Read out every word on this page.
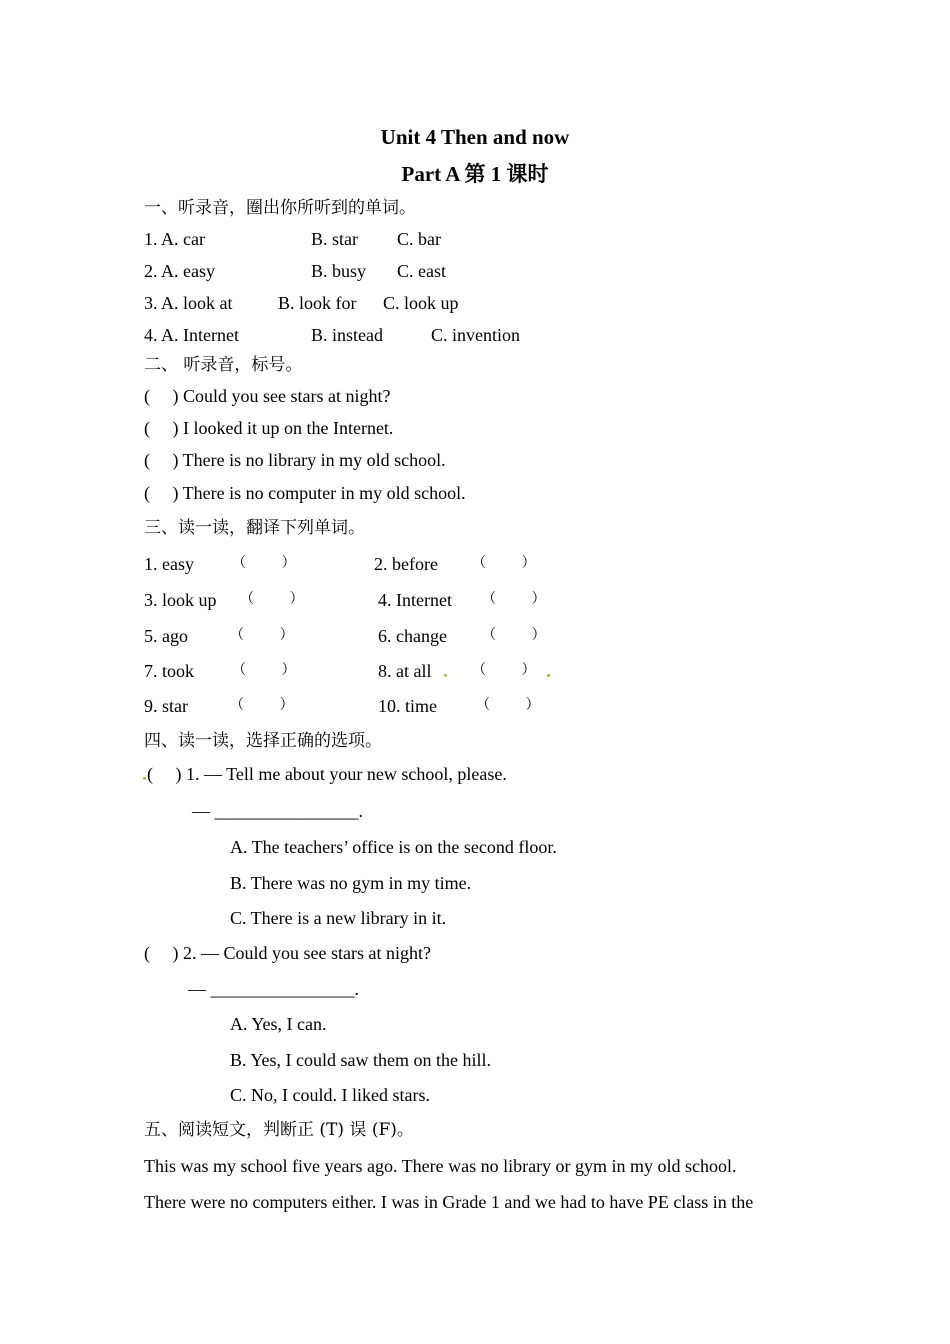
Unit 4 Then and now
Part A 第 1 课时
一、听录音，圈出你所听到的单词。
1. A. car	B. star C. bar
2. A. easy	B. busy C. east
3. A. look at	B. look for C. look up
4. A. Internet	B. instead	C. invention
二、 听录音，标号。
(     ) Could you see stars at night?
(     ) I looked it up on the Internet.
(     ) There is no library in my old school.
(     ) There is no computer in my old school.
三、读一读，翻译下列单词。
1. easy	（        ）	2. before （        ）
3. look up （        ）	4. Internet （        ）
5. ago	（        ）	6. change	（        ）
7. took	（        ）	8. at all	（        ）
9. star	（        ）	10. time	（        ）
四、读一读，选择正确的选项。
(     ) 1. — Tell me about your new school, please.
— ________________.
A. The teachers’ office is on the second floor.
B. There was no gym in my time.
C. There is a new library in it.
(     ) 2. — Could you see stars at night?
— ________________.
A. Yes, I can.
B. Yes, I could saw them on the hill.
C. No, I could. I liked stars.
五、阅读短文，判断正 (T) 误 (F)。
This was my school five years ago. There was no library or gym in my old school.
There were no computers either. I was in Grade 1 and we had to have PE class in the
